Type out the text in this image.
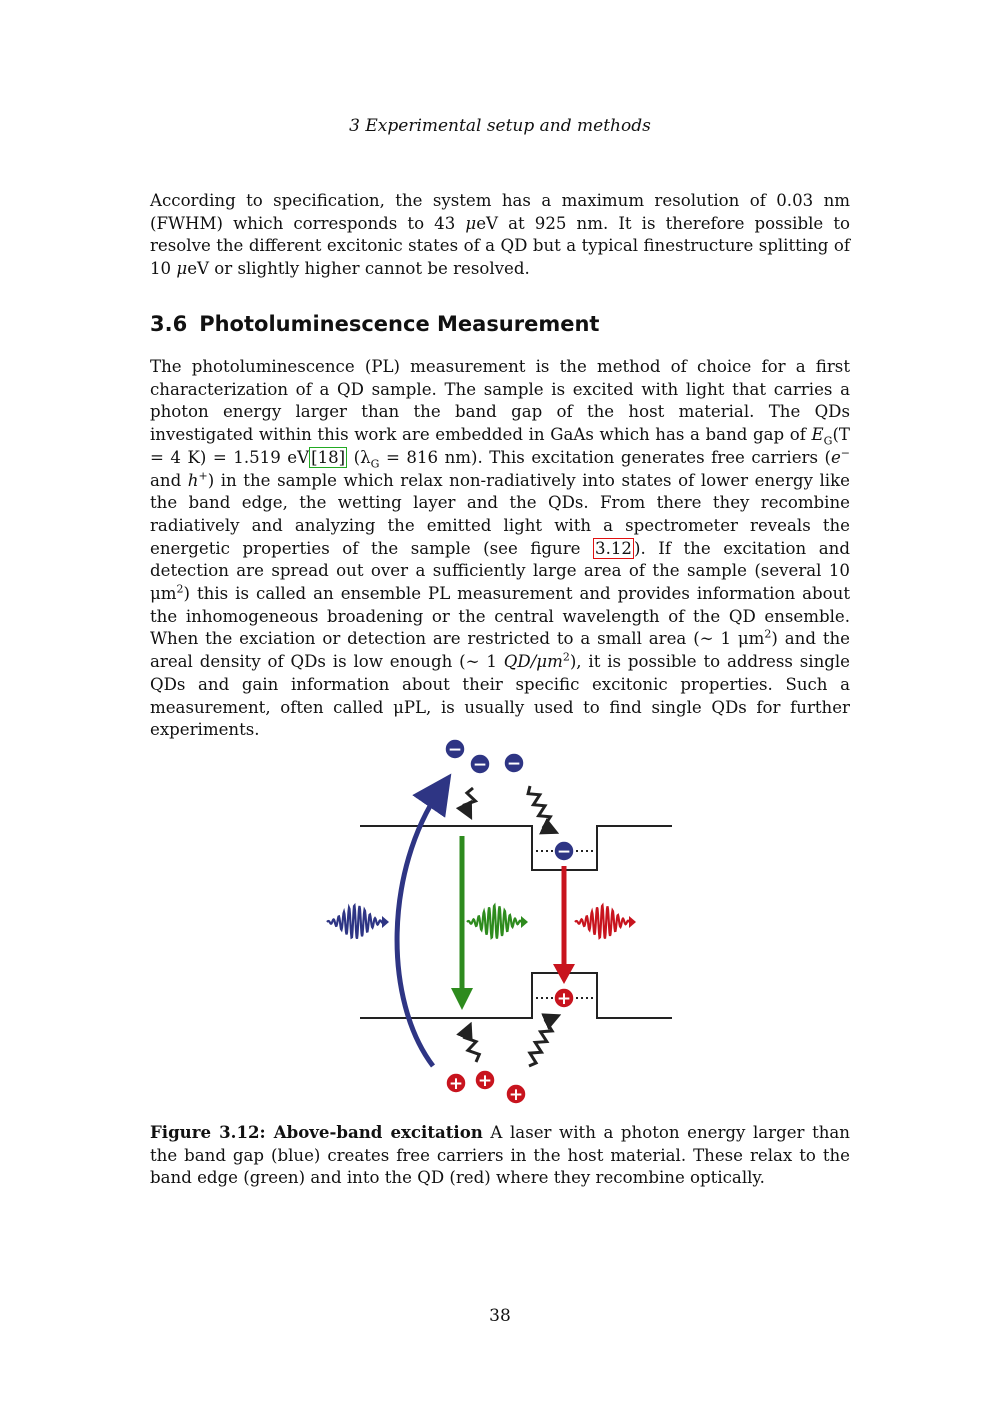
3 Experimental setup and methods
According to specification, the system has a maximum resolution of 0.03 nm (FWHM) which corresponds to 43 μeV at 925 nm. It is therefore possible to resolve the different excitonic states of a QD but a typical finestructure splitting of 10 μeV or slightly higher cannot be resolved.
3.6 Photoluminescence Measurement
The photoluminescence (PL) measurement is the method of choice for a first characterization of a QD sample. The sample is excited with light that carries a photon energy larger than the band gap of the host material. The QDs investigated within this work are embedded in GaAs which has a band gap of $E_G(T = 4$ K) = 1.519 eV [18] ($\lambda_G = 816$ nm). This excitation generates free carriers (e− and h+) in the sample which relax non-radiatively into states of lower energy like the band edge, the wetting layer and the QDs. From there they recombine radiatively and analyzing the emitted light with a spectrometer reveals the energetic properties of the sample (see figure 3.12 ). If the excitation and detection are spread out over a sufficiently large area of the sample (several 10 $\mu m^2$) this is called an ensemble PL measurement and provides information about the inhomogeneous broadening or the central wavelength of the QD ensemble. When the exciation or detection are restricted to a small area (∼ 1 $\mu m^2$) and the areal density of QDs is low enough (∼ 1 $QD/\mu m^2$), it is possible to address single QDs and gain information about their specific excitonic properties. Such a measurement, often called μPL, is usually used to find single QDs for further experiments.
−
− −
−
+
+ +
+
Figure 3.12: Above-band excitation A laser with a photon energy larger than the band gap (blue) creates free carriers in the host material. These relax to the band edge (green) and into the QD (red) where they recombine optically.
38
